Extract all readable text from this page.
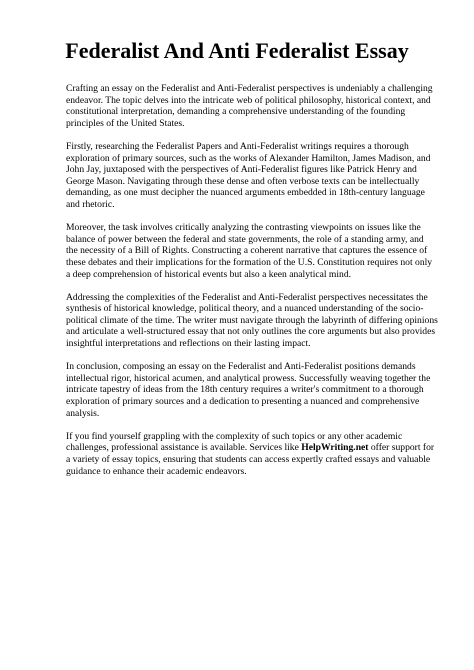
Federalist And Anti Federalist Essay

Crafting an essay on the Federalist and Anti-Federalist perspectives is undeniably a challenging
endeavor. The topic delves into the intricate web of political philosophy, historical context, and
constitutional interpretation, demanding a comprehensive understanding of the founding
principles of the United States.

Firstly, researching the Federalist Papers and Anti-Federalist writings requires a thorough
exploration of primary sources, such as the works of Alexander Hamilton, James Madison, and
John Jay, juxtaposed with the perspectives of Anti-Federalist figures like Patrick Henry and
George Mason. Navigating through these dense and often verbose texts can be intellectually
demanding, as one must decipher the nuanced arguments embedded in 18th-century language
and rhetoric.

Moreover, the task involves critically analyzing the contrasting viewpoints on issues like the
balance of power between the federal and state governments, the role of a standing army, and
the necessity of a Bill of Rights. Constructing a coherent narrative that captures the essence of
these debates and their implications for the formation of the U.S. Constitution requires not only
a deep comprehension of historical events but also a keen analytical mind.

Addressing the complexities of the Federalist and Anti-Federalist perspectives necessitates the
synthesis of historical knowledge, political theory, and a nuanced understanding of the socio-
political climate of the time. The writer must navigate through the labyrinth of differing opinions
and articulate a well-structured essay that not only outlines the core arguments but also provides
insightful interpretations and reflections on their lasting impact.

In conclusion, composing an essay on the Federalist and Anti-Federalist positions demands
intellectual rigor, historical acumen, and analytical prowess. Successfully weaving together the
intricate tapestry of ideas from the 18th century requires a writer's commitment to a thorough
exploration of primary sources and a dedication to presenting a nuanced and comprehensive
analysis.

If you find yourself grappling with the complexity of such topics or any other academic
challenges, professional assistance is available. Services like HelpWriting.net offer support for
a variety of essay topics, ensuring that students can access expertly crafted essays and valuable
guidance to enhance their academic endeavors.
